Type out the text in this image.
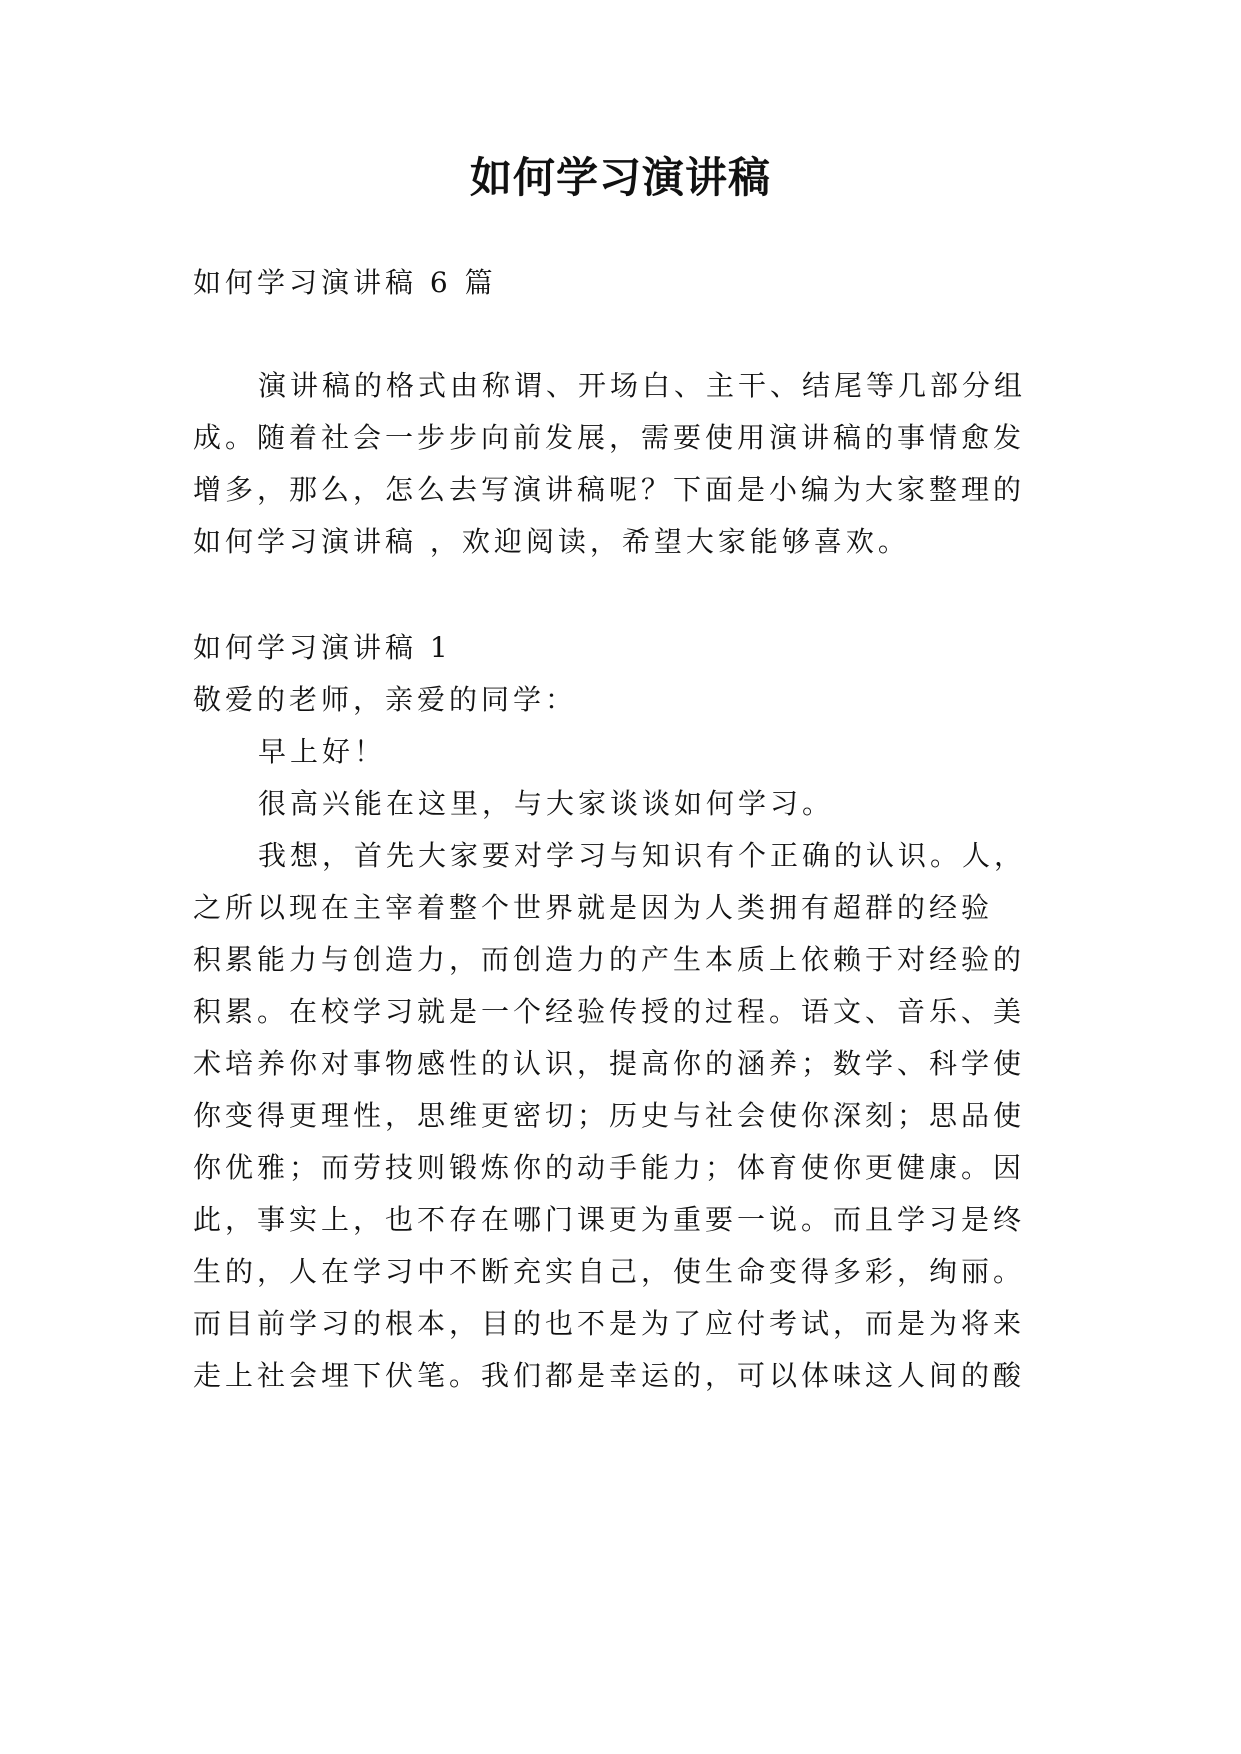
如何学习演讲稿
如何学习演讲稿 6 篇
演讲稿的格式由称谓、开场白、主干、结尾等几部分组
成。随着社会一步步向前发展，需要使用演讲稿的事情愈发
增多，那么，怎么去写演讲稿呢？下面是小编为大家整理的
如何学习演讲稿 ，欢迎阅读，希望大家能够喜欢。
如何学习演讲稿 1
敬爱的老师，亲爱的同学：
早上好！
很高兴能在这里，与大家谈谈如何学习。
我想，首先大家要对学习与知识有个正确的认识。人，
之所以现在主宰着整个世界就是因为人类拥有超群的经验
积累能力与创造力，而创造力的产生本质上依赖于对经验的
积累。在校学习就是一个经验传授的过程。语文、音乐、美
术培养你对事物感性的认识，提高你的涵养；数学、科学使
你变得更理性，思维更密切；历史与社会使你深刻；思品使
你优雅；而劳技则锻炼你的动手能力；体育使你更健康。因
此，事实上，也不存在哪门课更为重要一说。而且学习是终
生的，人在学习中不断充实自己，使生命变得多彩，绚丽。
而目前学习的根本，目的也不是为了应付考试，而是为将来
走上社会埋下伏笔。我们都是幸运的，可以体味这人间的酸
